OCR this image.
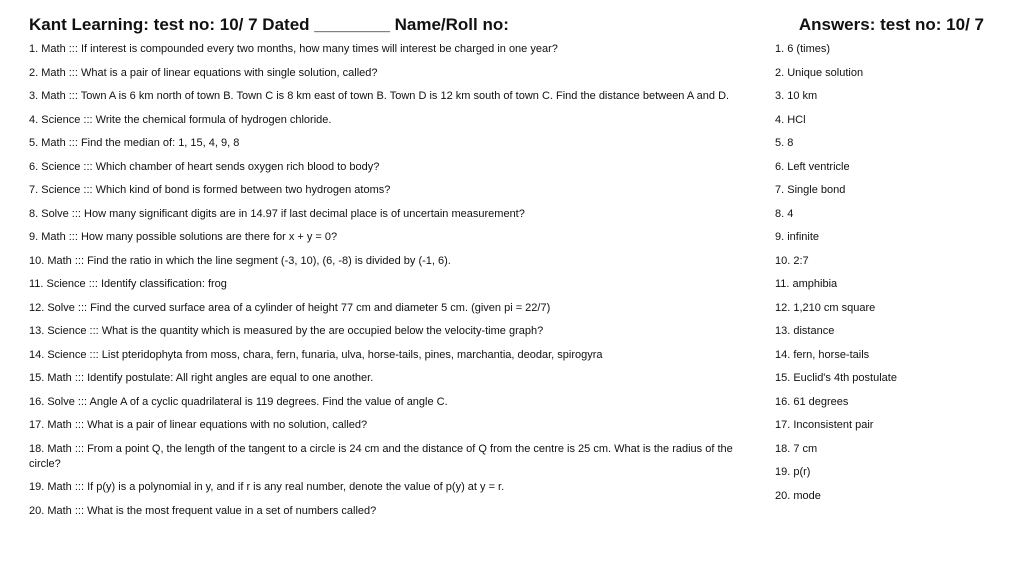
Kant Learning: test no: 10/ 7 Dated ________ Name/Roll no:	Answers: test no: 10/ 7
1. Math ::: If interest is compounded every two months, how many times will interest be charged in one year?
2. Math ::: What is a pair of linear equations with single solution, called?
3. Math ::: Town A is 6 km north of town B. Town C is 8 km east of town B. Town D is 12 km south of town C. Find the distance between A and D.
4. Science ::: Write the chemical formula of hydrogen chloride.
5. Math ::: Find the median of: 1, 15, 4, 9, 8
6. Science ::: Which chamber of heart sends oxygen rich blood to body?
7. Science ::: Which kind of bond is formed between two hydrogen atoms?
8. Solve ::: How many significant digits are in 14.97 if last decimal place is of uncertain measurement?
9. Math ::: How many possible solutions are there for x + y = 0?
10. Math ::: Find the ratio in which the line segment (-3, 10), (6, -8) is divided by (-1, 6).
11. Science ::: Identify classification: frog
12. Solve ::: Find the curved surface area of a cylinder of height 77 cm and diameter 5 cm. (given pi = 22/7)
13. Science ::: What is the quantity which is measured by the are occupied below the velocity-time graph?
14. Science ::: List pteridophyta from moss, chara, fern, funaria, ulva, horse-tails, pines, marchantia, deodar, spirogyra
15. Math ::: Identify postulate: All right angles are equal to one another.
16. Solve ::: Angle A of a cyclic quadrilateral is 119 degrees. Find the value of angle C.
17. Math ::: What is a pair of linear equations with no solution, called?
18. Math ::: From a point Q, the length of the tangent to a circle is 24 cm and the distance of Q from the centre is 25 cm. What is the radius of the circle?
19. Math ::: If p(y) is a polynomial in y, and if r is any real number, denote the value of p(y) at y = r.
20. Math ::: What is the most frequent value in a set of numbers called?
1. 6 (times)
2. Unique solution
3. 10 km
4. HCl
5. 8
6. Left ventricle
7. Single bond
8. 4
9. infinite
10. 2:7
11. amphibia
12. 1,210 cm square
13. distance
14. fern, horse-tails
15. Euclid's 4th postulate
16. 61 degrees
17. Inconsistent pair
18. 7 cm
19. p(r)
20. mode
